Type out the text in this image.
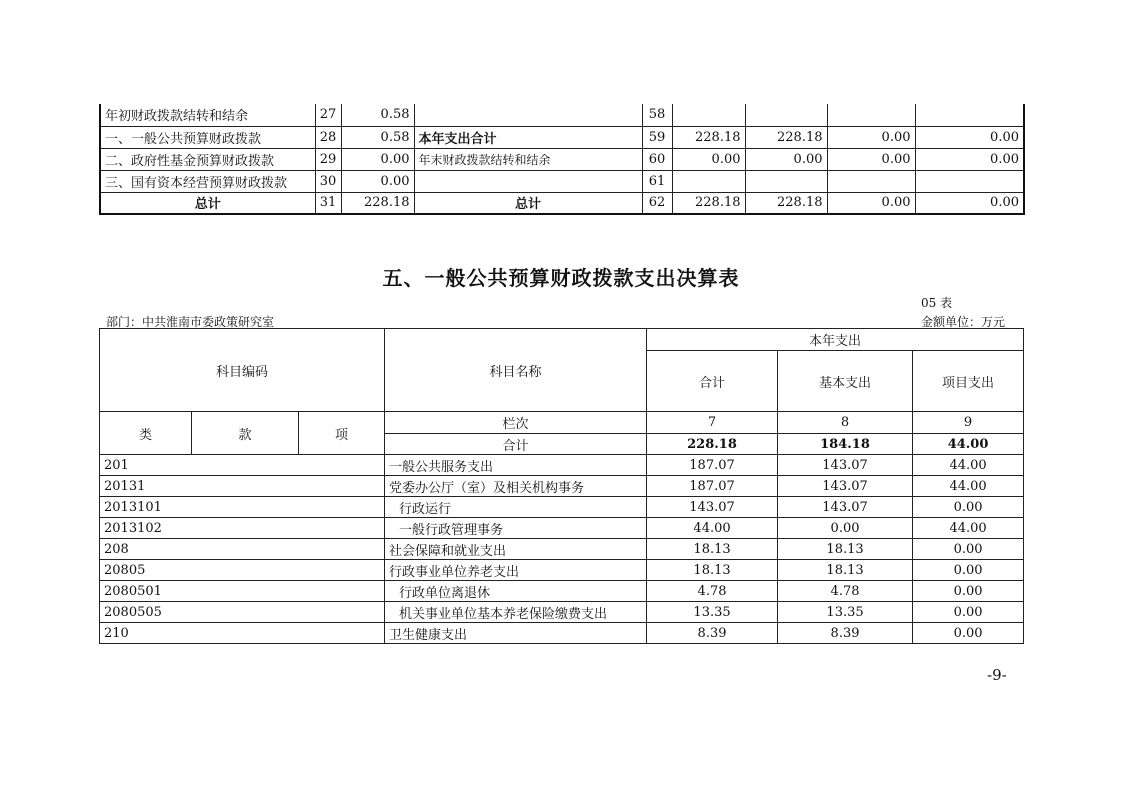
年初财政拨款结转和结余	27	0.58		58				
一、一般公共预算财政拨款	28	0.58	本年支出合计	59	228.18	228.18	0.00	0.00
二、政府性基金预算财政拨款	29	0.00	年末财政拨款结转和结余	60	0.00	0.00	0.00	0.00
三、国有资本经营预算财政拨款	30	0.00		61				
总计	31	228.18	总计	62	228.18	228.18	0.00	0.00
五、一般公共预算财政拨款支出决算表
05 表
部门：中共淮南市委政策研究室	金额单位：万元
科目编码			科目名称	本年支出		
				合计	基本支出	项目支出

类	款	项	栏次	7	8	9
			合计	228.18	184.18	44.00
201			一般公共服务支出	187.07	143.07	44.00
20131			党委办公厅（室）及相关机构事务	187.07	143.07	44.00
2013101			行政运行	143.07	143.07	0.00
2013102			一般行政管理事务	44.00	0.00	44.00
208			社会保障和就业支出	18.13	18.13	0.00
20805			行政事业单位养老支出	18.13	18.13	0.00
2080501			行政单位离退休	4.78	4.78	0.00
2080505			机关事业单位基本养老保险缴费支出	13.35	13.35	0.00
210			卫生健康支出	8.39	8.39	0.00
-9-
